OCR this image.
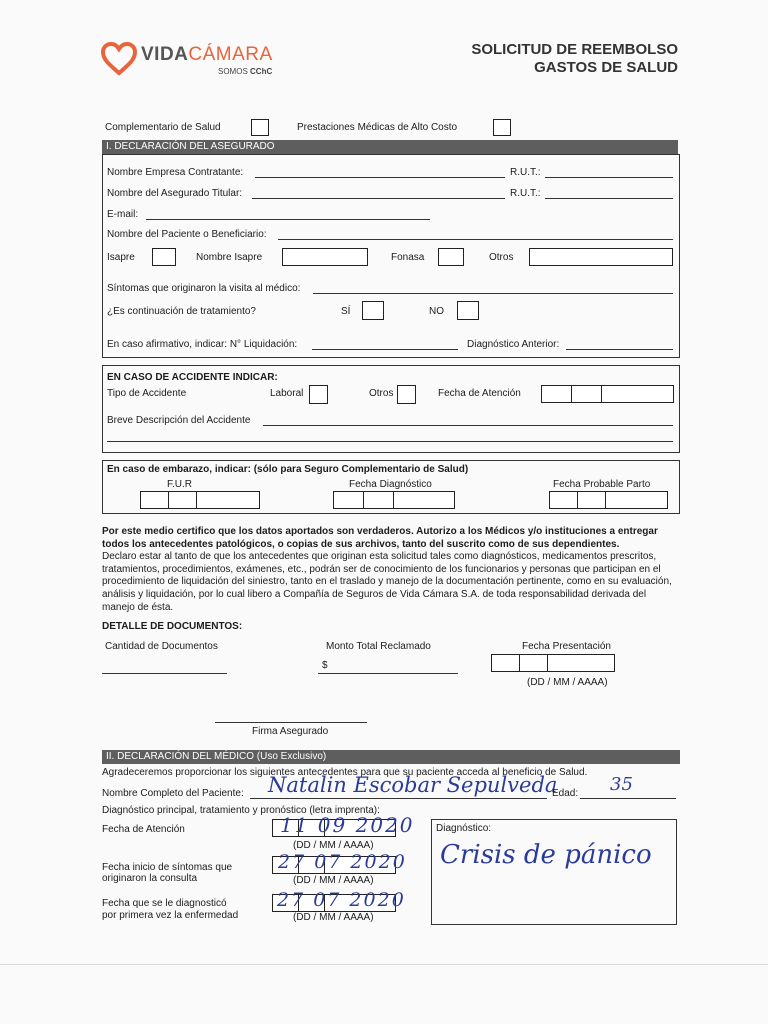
VIDACÁMARA
SOMOS CChC
SOLICITUD DE REEMBOLSO
GASTOS DE SALUD
Complementario de Salud	Prestaciones Médicas de Alto Costo
I. DECLARACIÓN DEL ASEGURADO
Nombre Empresa Contratante:	R.U.T.:
Nombre del Asegurado Titular:	R.U.T.:
E-mail:
Nombre del Paciente o Beneficiario:
Isapre	Nombre Isapre	Fonasa	Otros
Síntomas que originaron la visita al médico:
¿Es continuación de tratamiento?	SÍ	NO
En caso afirmativo, indicar: N° Liquidación:	Diagnóstico Anterior:
EN CASO DE ACCIDENTE INDICAR:
Tipo de Accidente	Laboral	Otros	Fecha de Atención
Breve Descripción del Accidente
En caso de embarazo, indicar: (sólo para Seguro Complementario de Salud)
F.U.R	Fecha Diagnóstico	Fecha Probable Parto
Por este medio certifico que los datos aportados son verdaderos. Autorizo a los Médicos y/o instituciones a entregar
todos los antecedentes patológicos, o copias de sus archivos, tanto del suscrito como de sus dependientes.
Declaro estar al tanto de que los antecedentes que originan esta solicitud tales como diagnósticos, medicamentos prescritos,
tratamientos, procedimientos, exámenes, etc., podrán ser de conocimiento de los funcionarios y personas que participan en el
procedimiento de liquidación del siniestro, tanto en el traslado y manejo de la documentación pertinente, como en su evaluación,
análisis y liquidación, por lo cual libero a Compañía de Seguros de Vida Cámara S.A. de toda responsabilidad derivada del
manejo de ésta.
DETALLE DE DOCUMENTOS:
Cantidad de Documentos	Monto Total Reclamado
$
Fecha Presentación
(DD / MM / AAAA)
Firma Asegurado
II. DECLARACIÓN DEL MÉDICO (Uso Exclusivo)
Agradeceremos proporcionar los siguientes antecedentes para que su paciente acceda al beneficio de Salud.
Nombre Completo del Paciente: Natalin Escobar Sepulveda
Edad: 35
Diagnóstico principal, tratamiento y pronóstico (letra imprenta):
Fecha de Atención	11 09 2020
(DD / MM / AAAA)
Fecha inicio de síntomas que
originaron la consulta
27 07 2020
(DD / MM / AAAA)
Fecha que se le diagnosticó
por primera vez la enfermedad
27 07 2020
(DD / MM / AAAA)
Diagnóstico:
Crisis de pánico
